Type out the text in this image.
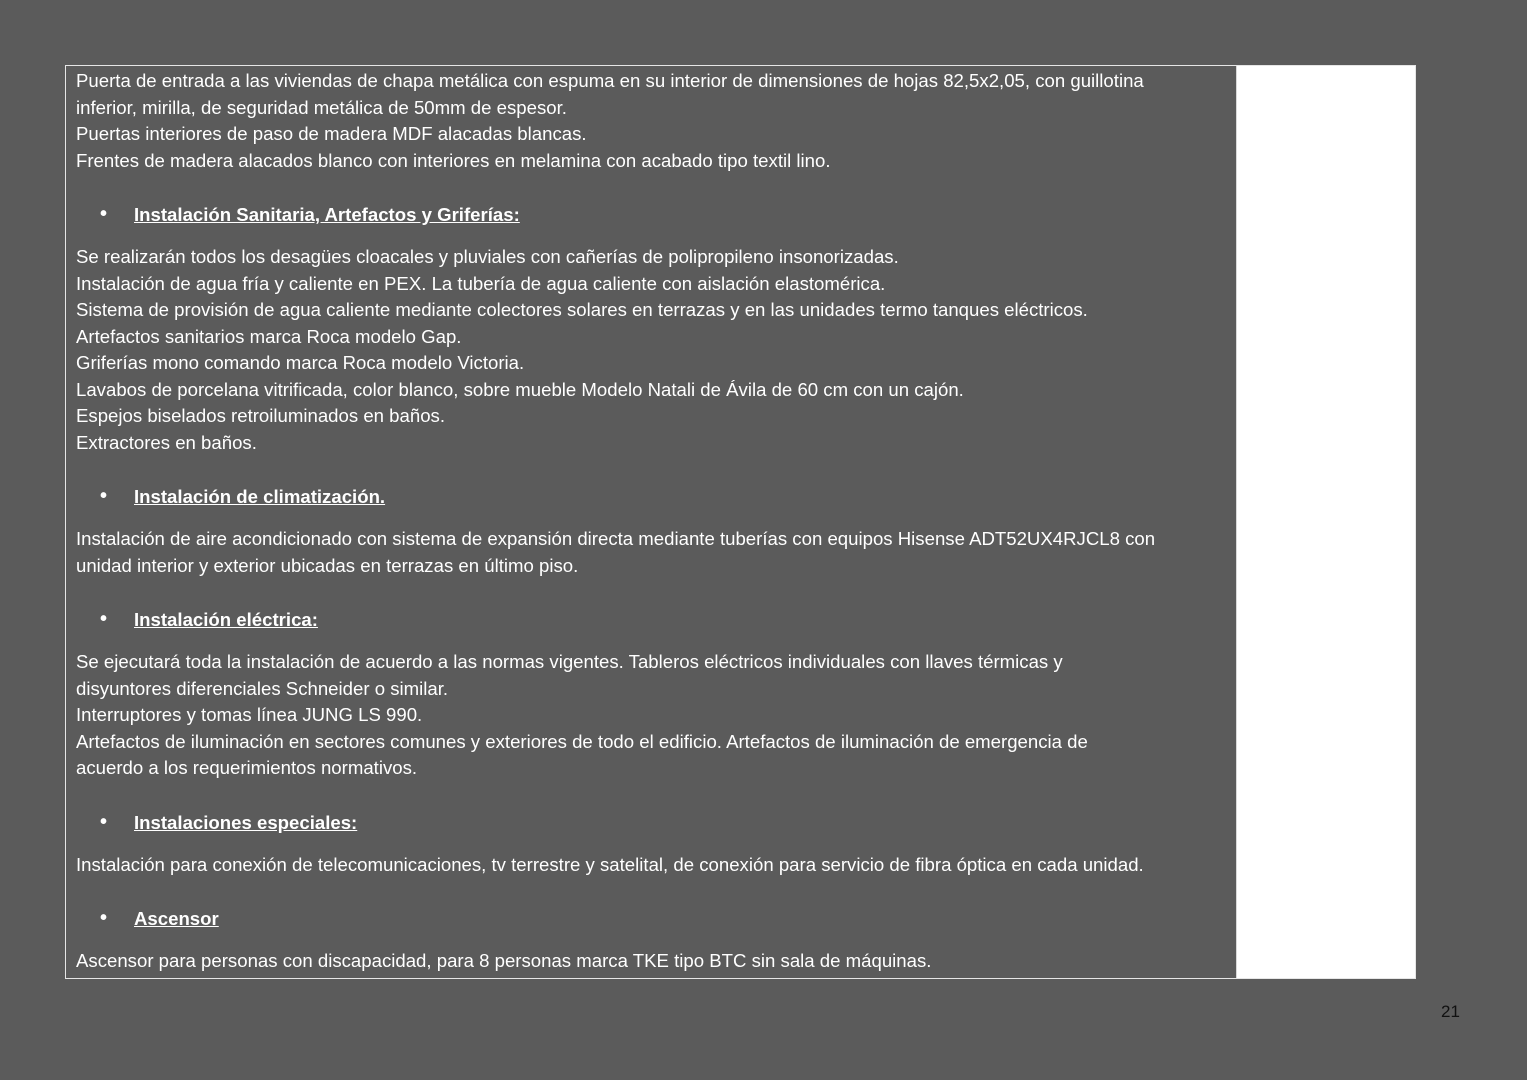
Puerta de entrada a las viviendas de chapa metálica con espuma en su interior de dimensiones de hojas 82,5x2,05, con guillotina
inferior, mirilla, de seguridad metálica de 50mm de espesor.
Puertas interiores de paso de madera MDF alacadas blancas.
Frentes de madera alacados blanco con interiores en melamina con acabado tipo textil lino.
• Instalación Sanitaria, Artefactos y Griferías:
Se realizarán todos los desagües cloacales y pluviales con cañerías de polipropileno insonorizadas.
Instalación de agua fría y caliente en PEX. La tubería de agua caliente con aislación elastomérica.
Sistema de provisión de agua caliente mediante colectores solares en terrazas y en las unidades termo tanques eléctricos.
Artefactos sanitarios marca Roca modelo Gap.
Griferías mono comando marca Roca modelo Victoria.
Lavabos de porcelana vitrificada, color blanco, sobre mueble Modelo Natali de Ávila de 60 cm con un cajón.
Espejos biselados retroiluminados en baños.
Extractores en baños.
• Instalación de climatización.
Instalación de aire acondicionado con sistema de expansión directa mediante tuberías con equipos Hisense ADT52UX4RJCL8 con
unidad interior y exterior ubicadas en terrazas en último piso.
• Instalación eléctrica:
Se ejecutará toda la instalación de acuerdo a las normas vigentes. Tableros eléctricos individuales con llaves térmicas y
disyuntores diferenciales Schneider o similar.
Interruptores y tomas línea JUNG LS 990.
Artefactos de iluminación en sectores comunes y exteriores de todo el edificio. Artefactos de iluminación de emergencia de
acuerdo a los requerimientos normativos.
• Instalaciones especiales:
Instalación para conexión de telecomunicaciones, tv terrestre y satelital, de conexión para servicio de fibra óptica en cada unidad.
• Ascensor
Ascensor para personas con discapacidad, para 8 personas marca TKE tipo BTC sin sala de máquinas.
21
